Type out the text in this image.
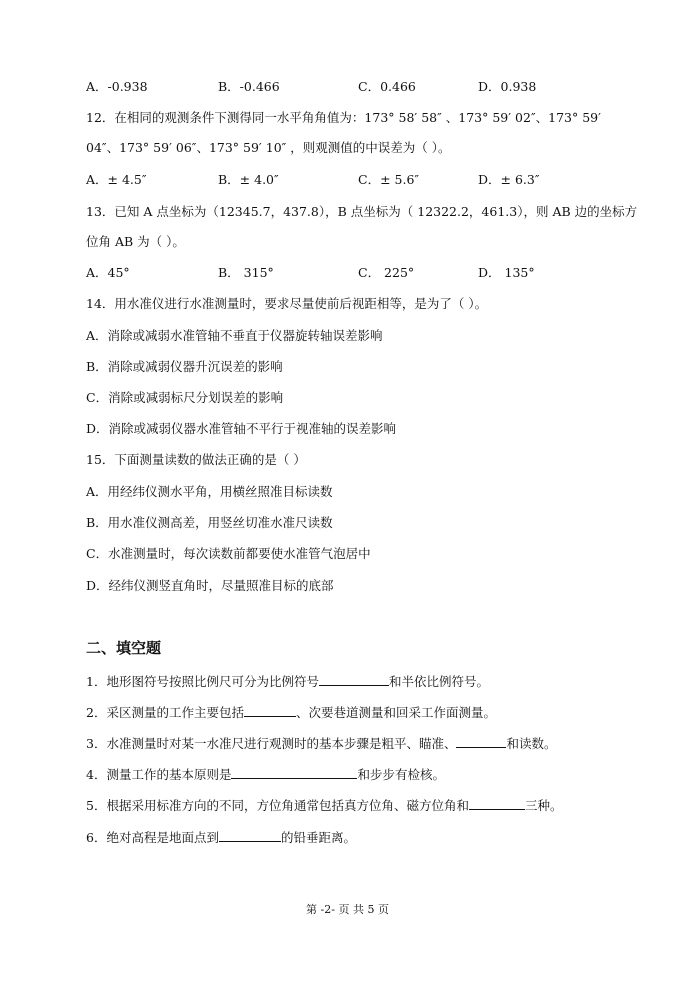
A．-0.938	B．-0.466	C．0.466	D．0.938
12．在相同的观测条件下测得同一水平角角值为：173° 58′ 58″ 、173° 59′ 02″、173° 59′
04″、173° 59′ 06″、173° 59′ 10″ ，则观测值的中误差为（ ）。
A．± 4.5″	B．± 4.0″	C．± 5.6″	D．± 6.3″
13．已知 A 点坐标为（12345.7，437.8），B 点坐标为（ 12322.2，461.3），则 AB 边的坐标方
位角 AB 为（ ）。
A．45°	B． 315°	C． 225°	D． 135°
14．用水准仪进行水准测量时，要求尽量使前后视距相等，是为了（ ）。
A．消除或减弱水准管轴不垂直于仪器旋转轴误差影响
B．消除或减弱仪器升沉误差的影响
C．消除或减弱标尺分划误差的影响
D．消除或减弱仪器水准管轴不平行于视准轴的误差影响
15．下面测量读数的做法正确的是（ ）
A．用经纬仪测水平角，用横丝照准目标读数
B．用水准仪测高差，用竖丝切准水准尺读数
C．水准测量时，每次读数前都要使水准管气泡居中
D．经纬仪测竖直角时，尽量照准目标的底部
二、填空题
1．地形图符号按照比例尺可分为比例符号	和半依比例符号。
2．采区测量的工作主要包括	、次要巷道测量和回采工作面测量。
3．水准测量时对某一水准尺进行观测时的基本步骤是粗平、瞄准、	和读数。
4．测量工作的基本原则是	和步步有检核。
5．根据采用标准方向的不同，方位角通常包括真方位角、磁方位角和	三种。
6．绝对高程是地面点到	的铅垂距离。
第 -2- 页 共 5 页
